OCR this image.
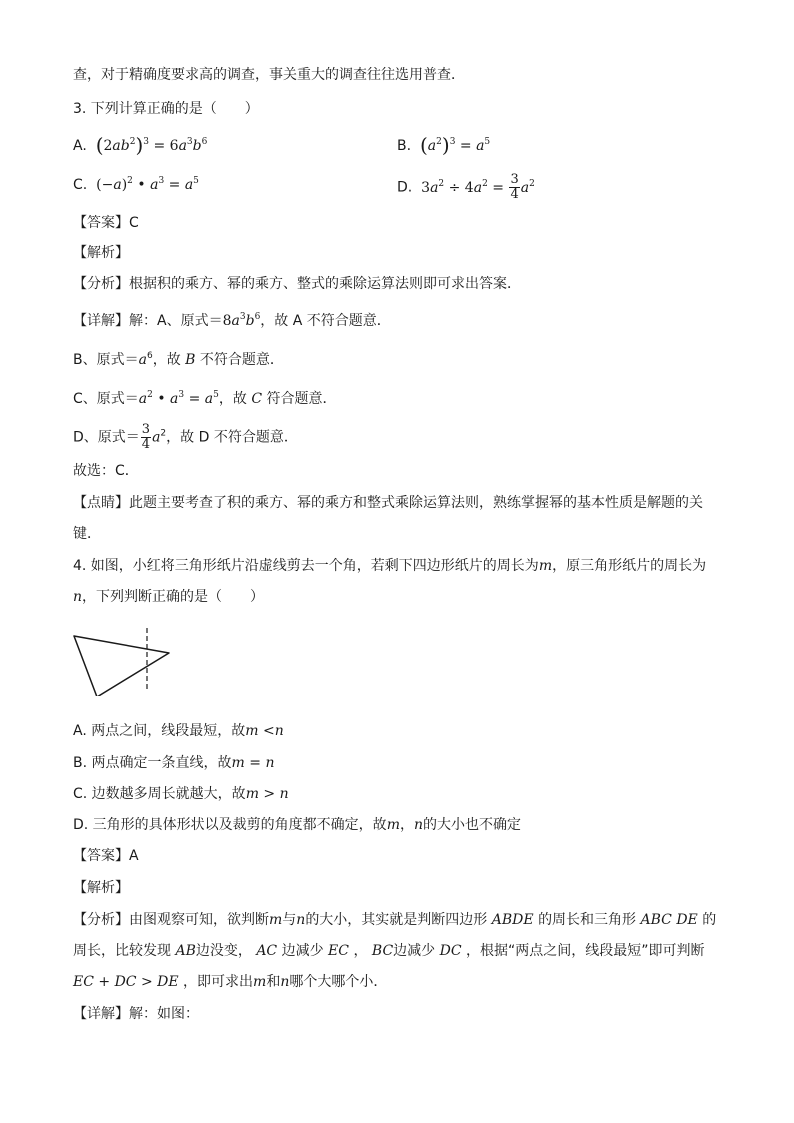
查，对于精确度要求高的调查，事关重大的调查往往选用普查．
3. 下列计算正确的是（　　）
A. $(2ab^2)^3 = 6a^3b^6$	B. $(a^2)^3 = a^5$
C. $(-a)^2$ • $a^3 = a^5$	D. $3a^2 \div 4a^2 = \frac{3}{4} a^2$
【答案】C
【解析】
【分析】根据积的乘方、幂的乘方、整式的乘除运算法则即可求出答案．
【详解】解：A、原式$=8a^3b^6$，故 A 不符合题意．
B、原式$=a^6$，故 B 不符合题意．
C、原式$=a^2$ • $a^3 = a^5$，故 C 符合题意．
D、原式＝ $\frac{3}{4} a^2$，故 D 不符合题意．
故选：C．
【点睛】此题主要考查了积的乘方、幂的乘方和整式乘除运算法则，熟练掌握幂的基本性质是解题的关
键．
4. 如图，小红将三角形纸片沿虚线剪去一个角，若剩下四边形纸片的周长为m，原三角形纸片的周长为
n，下列判断正确的是（　　）
A. 两点之间，线段最短，故m <n
B. 两点确定一条直线，故m = n
C. 边数越多周长就越大，故m > n
D. 三角形的具体形状以及裁剪的角度都不确定，故m，n的大小也不确定
【答案】A
【解析】
【分析】由图观察可知，欲判断m与n的大小，其实就是判断四边形 ABDE 的周长和三角形 ABC DE 的
周长，比较发现 AB边没变， AC 边减少 EC ， BC边减少 DC ，根据“两点之间，线段最短”即可判断
EC + DC > DE ，即可求出m和n哪个大哪个小．
【详解】解：如图：
